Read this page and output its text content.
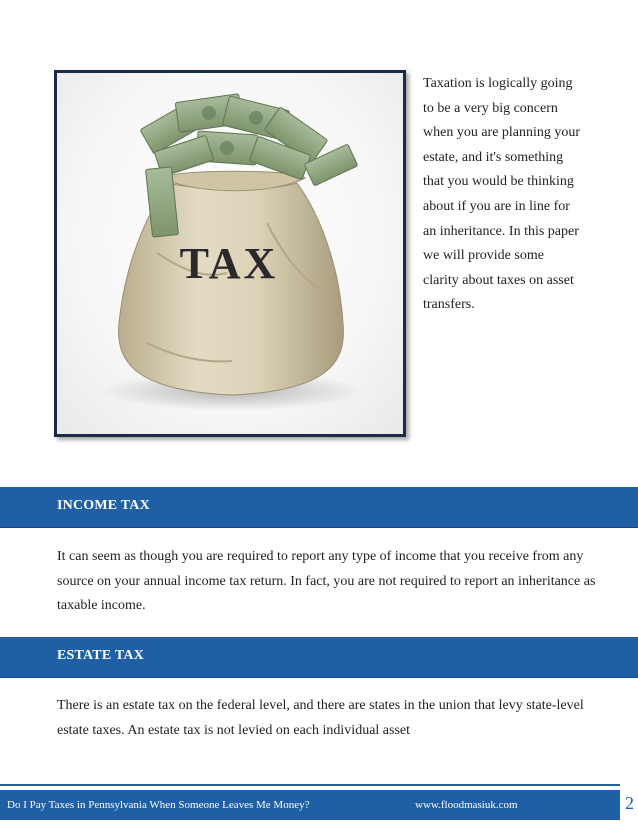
TAX

Taxation is logically going to be a very big concern when you are planning your estate, and it's something that you would be thinking about if you are in line for an inheritance. In this paper we will provide some clarity about taxes on asset transfers.

INCOME TAX

It can seem as though you are required to report any type of income that you receive from any source on your annual income tax return. In fact, you are not required to report an inheritance as taxable income.

ESTATE TAX

There is an estate tax on the federal level, and there are states in the union that levy state-level estate taxes. An estate tax is not levied on each individual asset

Do I Pay Taxes in Pennsylvania When Someone Leaves Me Money?	www.floodmasiuk.com	2
